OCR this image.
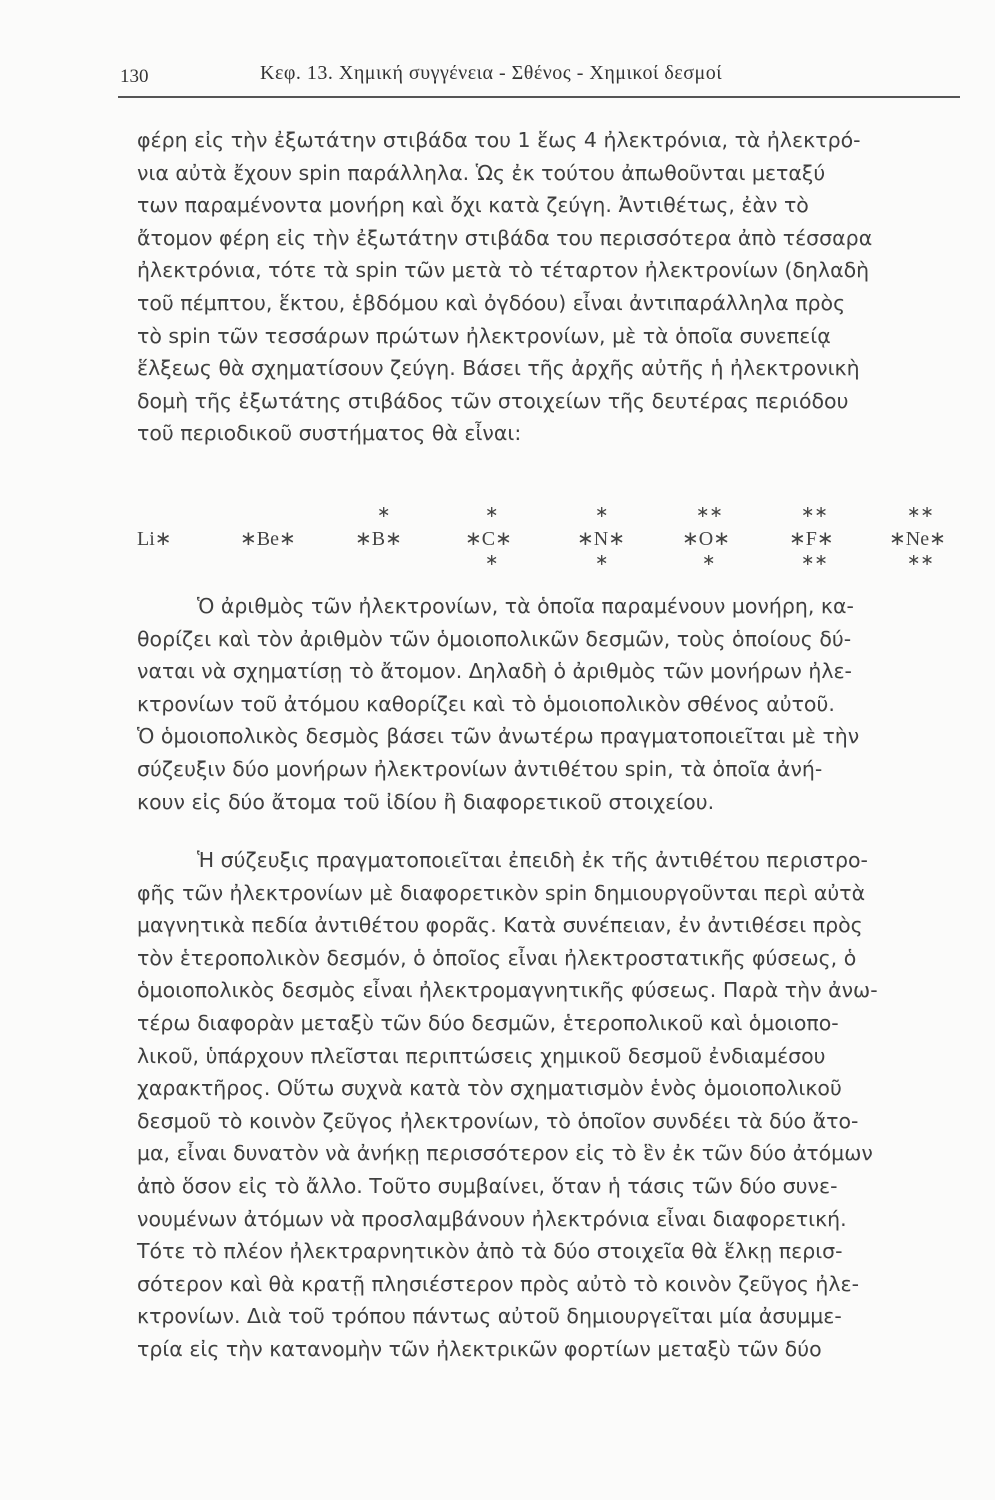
130	Κεφ. 13. Χημική συγγένεια - Σθένος - Χημικοί δεσμοί
φέρη εἰς τὴν ἐξωτάτην στιβάδα του 1 ἕως 4 ἠλεκτρόνια, τὰ ἠλεκτρό-
νια αὐτὰ ἔχουν spin παράλληλα. Ὡς ἐκ τούτου ἀπωθοῦνται μεταξύ
των παραμένοντα μονήρη καὶ ὄχι κατὰ ζεύγη. Ἀντιθέτως, ἐὰν τὸ
ἄτομον φέρη εἰς τὴν ἐξωτάτην στιβάδα του περισσότερα ἀπὸ τέσσαρα
ἠλεκτρόνια, τότε τὰ spin τῶν μετὰ τὸ τέταρτον ἠλεκτρονίων (δηλαδὴ
τοῦ πέμπτου, ἕκτου, ἑβδόμου καὶ ὀγδόου) εἶναι ἀντιπαράλληλα πρὸς
τὸ spin τῶν τεσσάρων πρώτων ἠλεκτρονίων, μὲ τὰ ὁποῖα συνεπείᾳ
ἕλξεως θὰ σχηματίσουν ζεύγη. Βάσει τῆς ἀρχῆς αὐτῆς ἡ ἠλεκτρονικὴ
δομὴ τῆς ἐξωτάτης στιβάδος τῶν στοιχείων τῆς δευτέρας περιόδου
τοῦ περιοδικοῦ συστήματος θὰ εἶναι:
Li∗	∗Be∗
∗
∗B∗
∗
∗C∗
∗
∗
∗N∗
∗
∗∗
∗O∗
∗
∗∗
∗F∗
∗∗
∗∗
∗Ne∗
∗∗
Ὁ ἀριθμὸς τῶν ἠλεκτρονίων, τὰ ὁποῖα παραμένουν μονήρη, κα-
θορίζει καὶ τὸν ἀριθμὸν τῶν ὁμοιοπολικῶν δεσμῶν, τοὺς ὁποίους δύ-
ναται νὰ σχηματίσῃ τὸ ἄτομον. Δηλαδὴ ὁ ἀριθμὸς τῶν μονήρων ἠλε-
κτρονίων τοῦ ἀτόμου καθορίζει καὶ τὸ ὁμοιοπολικὸν σθένος αὐτοῦ.
Ὁ ὁμοιοπολικὸς δεσμὸς βάσει τῶν ἀνωτέρω πραγματοποιεῖται μὲ τὴν
σύζευξιν δύο μονήρων ἠλεκτρονίων ἀντιθέτου spin, τὰ ὁποῖα ἀνή-
κουν εἰς δύο ἄτομα τοῦ ἰδίου ἢ διαφορετικοῦ στοιχείου.
Ἡ σύζευξις πραγματοποιεῖται ἐπειδὴ ἐκ τῆς ἀντιθέτου περιστρο-
φῆς τῶν ἠλεκτρονίων μὲ διαφορετικὸν spin δημιουργοῦνται περὶ αὐτὰ
μαγνητικὰ πεδία ἀντιθέτου φορᾶς. Κατὰ συνέπειαν, ἐν ἀντιθέσει πρὸς
τὸν ἑτεροπολικὸν δεσμόν, ὁ ὁποῖος εἶναι ἠλεκτροστατικῆς φύσεως, ὁ
ὁμοιοπολικὸς δεσμὸς εἶναι ἠλεκτρομαγνητικῆς φύσεως. Παρὰ τὴν ἀνω-
τέρω διαφορὰν μεταξὺ τῶν δύο δεσμῶν, ἑτεροπολικοῦ καὶ ὁμοιοπο-
λικοῦ, ὑπάρχουν πλεῖσται περιπτώσεις χημικοῦ δεσμοῦ ἐνδιαμέσου
χαρακτῆρος. Οὕτω συχνὰ κατὰ τὸν σχηματισμὸν ἑνὸς ὁμοιοπολικοῦ
δεσμοῦ τὸ κοινὸν ζεῦγος ἠλεκτρονίων, τὸ ὁποῖον συνδέει τὰ δύο ἄτο-
μα, εἶναι δυνατὸν νὰ ἀνήκῃ περισσότερον εἰς τὸ ἓν ἐκ τῶν δύο ἀτόμων
ἀπὸ ὅσον εἰς τὸ ἄλλο. Τοῦτο συμβαίνει, ὅταν ἡ τάσις τῶν δύο συνε-
νουμένων ἀτόμων νὰ προσλαμβάνουν ἠλεκτρόνια εἶναι διαφορετική.
Τότε τὸ πλέον ἠλεκτραρνητικὸν ἀπὸ τὰ δύο στοιχεῖα θὰ ἕλκῃ περισ-
σότερον καὶ θὰ κρατῇ πλησιέστερον πρὸς αὐτὸ τὸ κοινὸν ζεῦγος ἠλε-
κτρονίων. Διὰ τοῦ τρόπου πάντως αὐτοῦ δημιουργεῖται μία ἀσυμμε-
τρία εἰς τὴν κατανομὴν τῶν ἠλεκτρικῶν φορτίων μεταξὺ τῶν δύο
